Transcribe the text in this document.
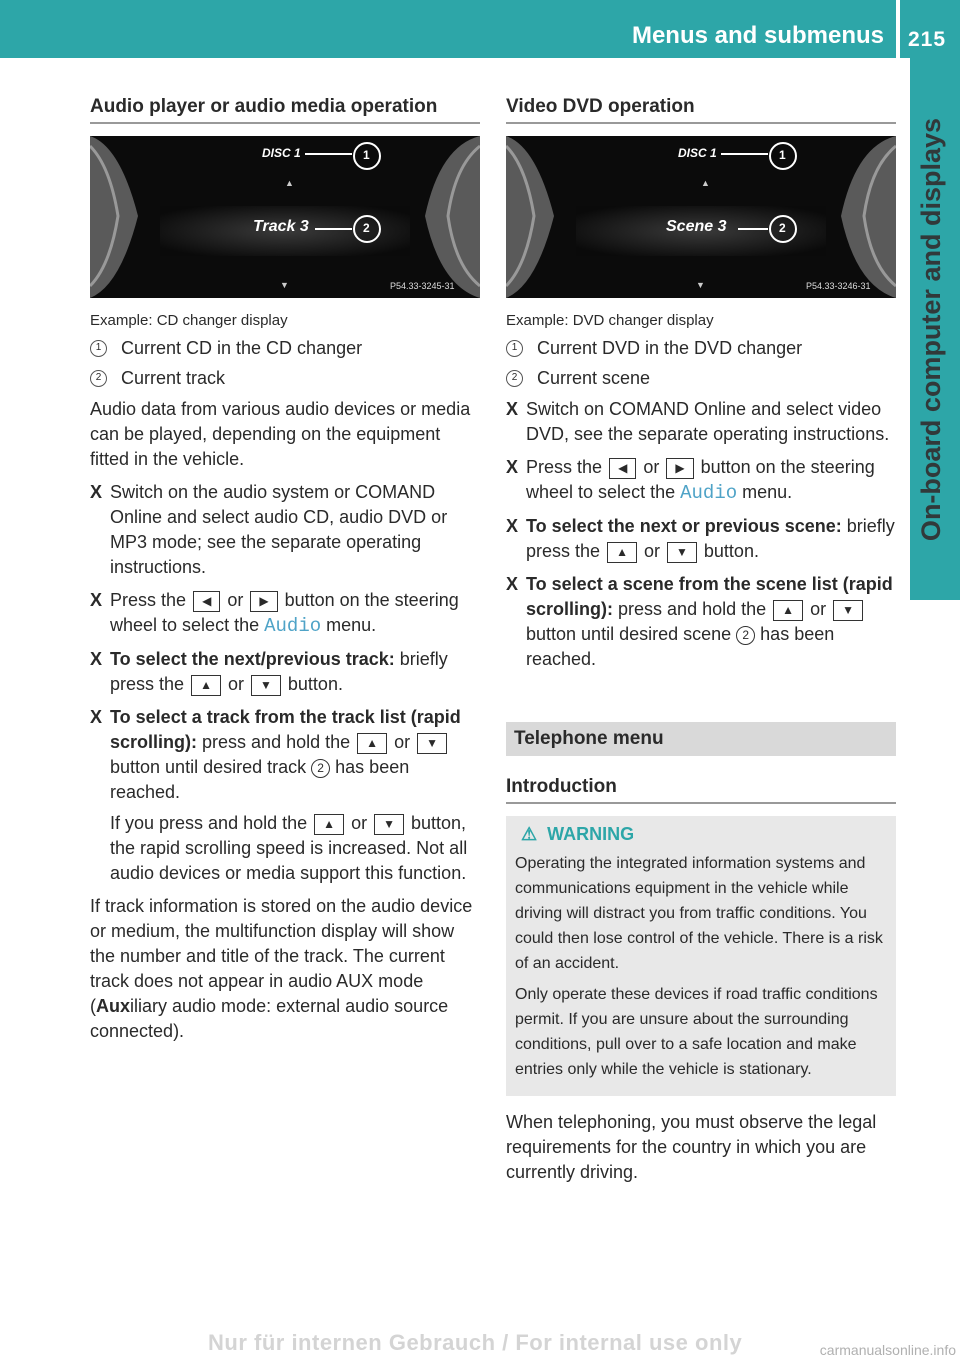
Menus and submenus 215
On-board computer and displays
Audio player or audio media operation
▲
▼
DISC 1
Track 3
1
2
P54.33-3245-31
Example: CD changer display
1	Current CD in the CD changer
2	Current track

Audio data from various audio devices or media can be played, depending on the equipment fitted in the vehicle.

X Switch on the audio system or COMAND Online and select audio CD, audio DVD or MP3 mode; see the separate operating instructions.
X Press the ◀ or ▶ button on the steering wheel to select the Audio menu.
X To select the next/previous track: briefly press the ▲ or ▼ button.
X To select a track from the track list (rapid scrolling): press and hold the ▲ or ▼ button until desired track 2 has been reached.
If you press and hold the ▲ or ▼ button, the rapid scrolling speed is increased. Not all audio devices or media support this function.

If track information is stored on the audio device or medium, the multifunction display will show the number and title of the track. The current track does not appear in audio AUX mode (Auxiliary audio mode: external audio source connected).

Video DVD operation
▲
▼
DISC 1
Scene 3
1
2
P54.33-3246-31
Example: DVD changer display
1	Current DVD in the DVD changer
2	Current scene
X Switch on COMAND Online and select video DVD, see the separate operating instructions.
X Press the ◀ or ▶ button on the steering wheel to select the Audio menu.
X To select the next or previous scene: briefly press the ▲ or ▼ button.
X To select a scene from the scene list (rapid scrolling): press and hold the ▲ or ▼ button until desired scene 2 has been reached.
Telephone menu
Introduction
⚠ WARNING

Operating the integrated information systems and communications equipment in the vehicle while driving will distract you from traffic conditions. You could then lose control of the vehicle. There is a risk of an accident.

Only operate these devices if road traffic conditions permit. If you are unsure about the surrounding conditions, pull over to a safe location and make entries only while the vehicle is stationary.

When telephoning, you must observe the legal requirements for the country in which you are currently driving.

Nur für internen Gebrauch / For internal use only	carmanualsonline.info
